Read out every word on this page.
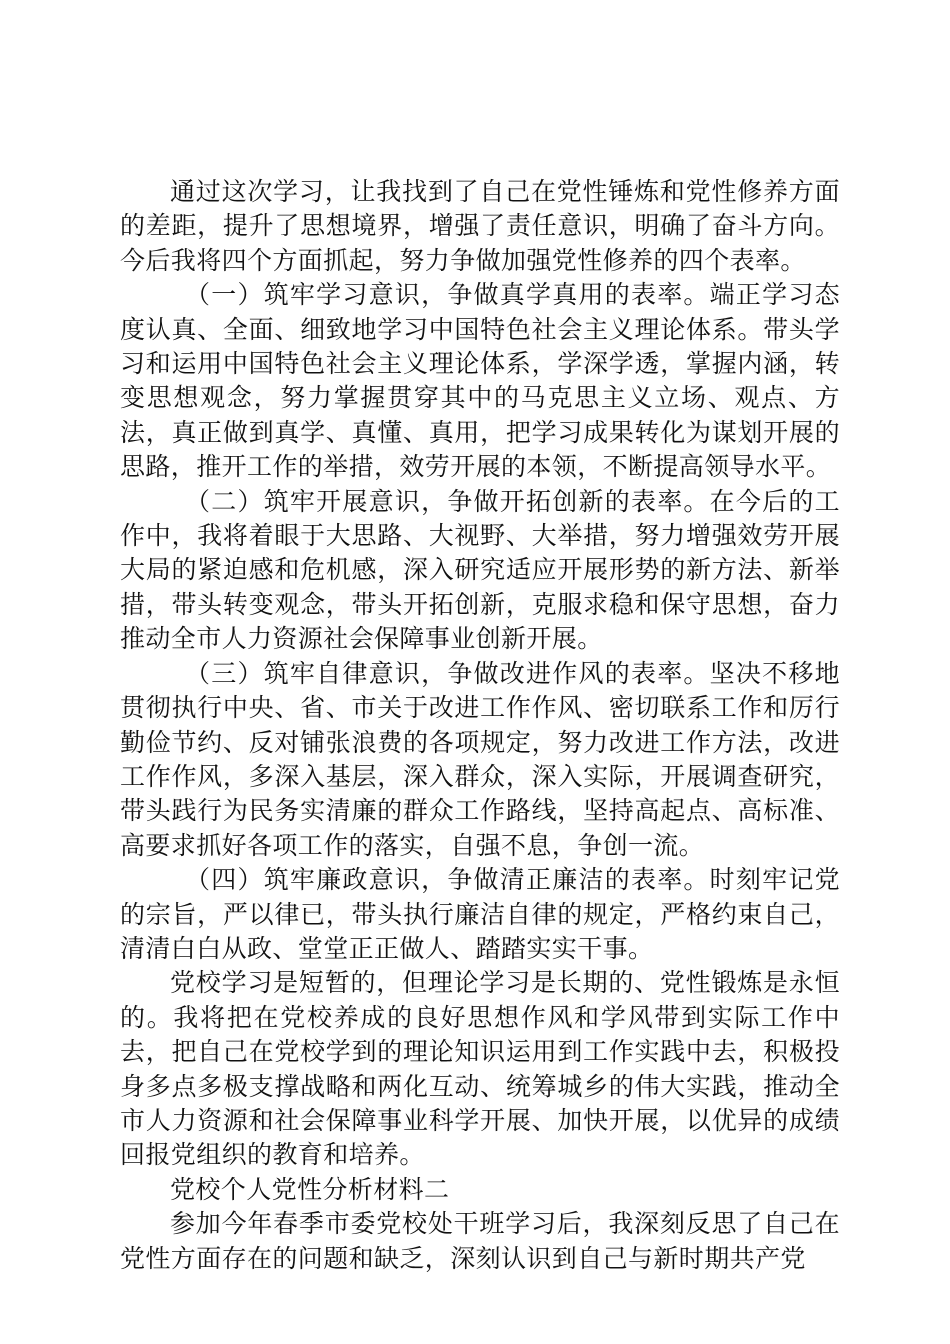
通过这次学习，让我找到了自己在党性锤炼和党性修养方面的差距，提升了思想境界，增强了责任意识，明确了奋斗方向。今后我将四个方面抓起，努力争做加强党性修养的四个表率。

（一）筑牢学习意识，争做真学真用的表率。端正学习态度认真、全面、细致地学习中国特色社会主义理论体系。带头学习和运用中国特色社会主义理论体系，学深学透，掌握内涵，转变思想观念，努力掌握贯穿其中的马克思主义立场、观点、方法，真正做到真学、真懂、真用，把学习成果转化为谋划开展的思路，推开工作的举措，效劳开展的本领，不断提高领导水平。

（二）筑牢开展意识，争做开拓创新的表率。在今后的工作中，我将着眼于大思路、大视野、大举措，努力增强效劳开展大局的紧迫感和危机感，深入研究适应开展形势的新方法、新举措，带头转变观念，带头开拓创新，克服求稳和保守思想，奋力推动全市人力资源社会保障事业创新开展。

（三）筑牢自律意识，争做改进作风的表率。坚决不移地贯彻执行中央、省、市关于改进工作作风、密切联系工作和厉行勤俭节约、反对铺张浪费的各项规定，努力改进工作方法，改进工作作风，多深入基层，深入群众，深入实际，开展调查研究，带头践行为民务实清廉的群众工作路线，坚持高起点、高标准、高要求抓好各项工作的落实，自强不息，争创一流。

（四）筑牢廉政意识，争做清正廉洁的表率。时刻牢记党的宗旨，严以律已，带头执行廉洁自律的规定，严格约束自己，清清白白从政、堂堂正正做人、踏踏实实干事。

党校学习是短暂的，但理论学习是长期的、党性锻炼是永恒的。我将把在党校养成的良好思想作风和学风带到实际工作中去，把自己在党校学到的理论知识运用到工作实践中去，积极投身多点多极支撑战略和两化互动、统筹城乡的伟大实践，推动全市人力资源和社会保障事业科学开展、加快开展，以优异的成绩回报党组织的教育和培养。

党校个人党性分析材料二

参加今年春季市委党校处干班学习后，我深刻反思了自己在党性方面存在的问题和缺乏，深刻认识到自己与新时期共产党
